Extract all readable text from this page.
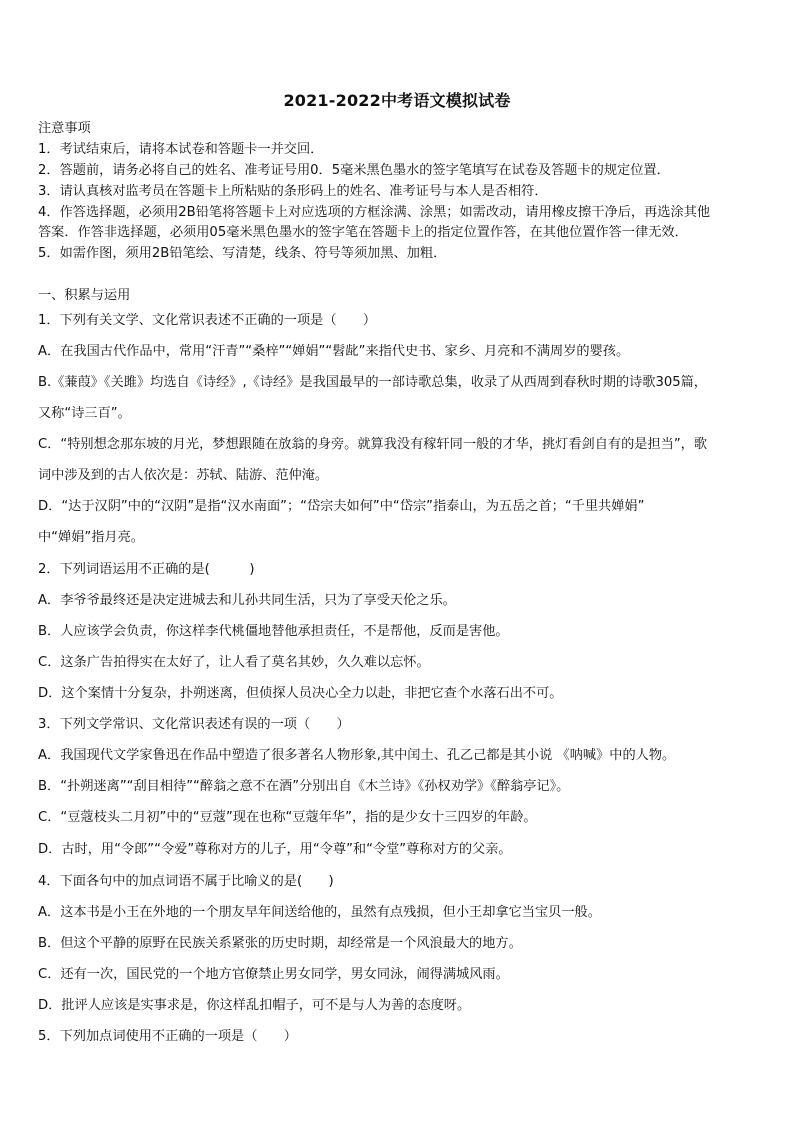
2021-2022中考语文模拟试卷
注意事项
1．考试结束后，请将本试卷和答题卡一并交回．
2．答题前，请务必将自己的姓名、准考证号用0．5毫米黑色墨水的签字笔填写在试卷及答题卡的规定位置．
3．请认真核对监考员在答题卡上所粘贴的条形码上的姓名、准考证号与本人是否相符．
4．作答选择题，必须用2B铅笔将答题卡上对应选项的方框涂满、涂黑；如需改动，请用橡皮擦干净后，再选涂其他
答案．作答非选择题，必须用05毫米黑色墨水的签字笔在答题卡上的指定位置作答，在其他位置作答一律无效．
5．如需作图，须用2B铅笔绘、写清楚，线条、符号等须加黑、加粗．
一、积累与运用
1．下列有关文学、文化常识表述不正确的一项是（　　）
A．在我国古代作品中，常用“汗青”“桑梓”“婵娟”“髫龀”来指代史书、家乡、月亮和不满周岁的婴孩。
B.《蒹葭》《关雎》均选自《诗经》,《诗经》是我国最早的一部诗歌总集，收录了从西周到春秋时期的诗歌305篇，
又称“诗三百”。
C．“特别想念那东坡的月光，梦想跟随在放翁的身旁。就算我没有稼轩同一般的才华，挑灯看剑自有的是担当”，歌
词中涉及到的古人依次是：苏轼、陆游、范仲淹。
D．“达于汉阴”中的“汉阴”是指“汉水南面”；“岱宗夫如何”中“岱宗”指泰山，为五岳之首；“千里共婵娟”
中“婵娟”指月亮。
2．下列词语运用不正确的是(　　　)
A．李爷爷最终还是决定进城去和儿孙共同生活，只为了享受天伦之乐。
B．人应该学会负责，你这样李代桃僵地替他承担责任，不是帮他，反而是害他。
C．这条广告拍得实在太好了，让人看了莫名其妙，久久难以忘怀。
D．这个案情十分复杂，扑朔迷离，但侦探人员决心全力以赴，非把它查个水落石出不可。
3．下列文学常识、文化常识表述有误的一项（　　）
A．我国现代文学家鲁迅在作品中塑造了很多著名人物形象,其中闰土、孔乙己都是其小说 《呐喊》中的人物。
B．“扑朔迷离”“刮目相待”“醉翁之意不在酒”分别出自《木兰诗》《孙权劝学》《醉翁亭记》。
C．“豆蔻枝头二月初”中的“豆蔻”现在也称“豆蔻年华”，指的是少女十三四岁的年龄。
D．古时，用“令郎”“令爱”尊称对方的儿子，用“令尊”和“令堂”尊称对方的父亲。
4．下面各句中的加点词语不属于比喻义的是(　　)
A．这本书是小王在外地的一个朋友早年间送给他的，虽然有点残损，但小王却拿它当宝贝一般。
B．但这个平静的原野在民族关系紧张的历史时期，却经常是一个风浪最大的地方。
C．还有一次，国民党的一个地方官僚禁止男女同学，男女同泳，闹得满城风雨。
D．批评人应该是实事求是，你这样乱扣帽子，可不是与人为善的态度呀。
5．下列加点词使用不正确的一项是（　　）
